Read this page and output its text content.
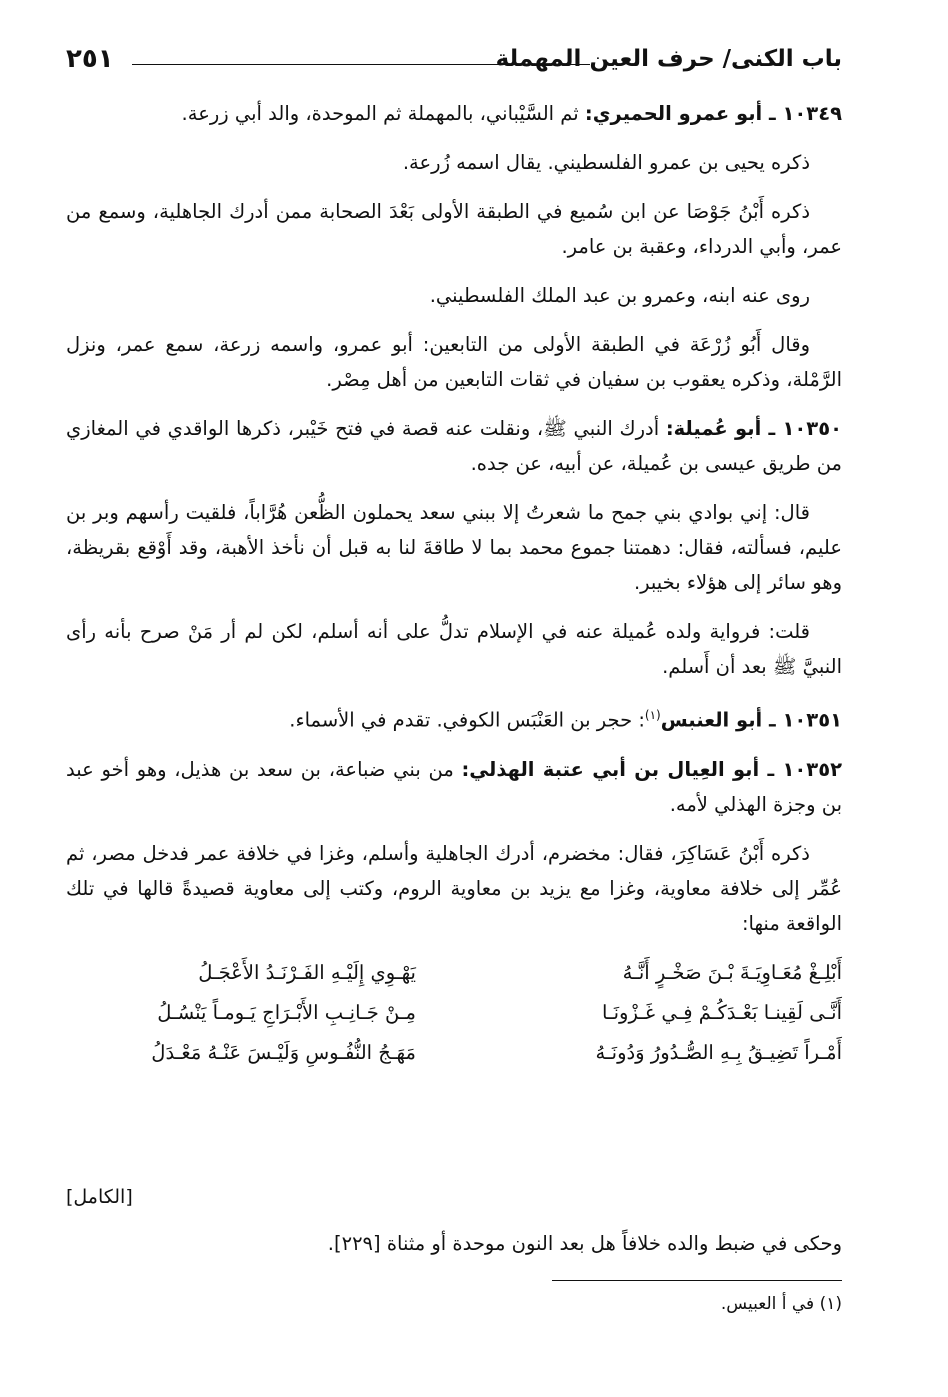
باب الكنى/ حرف العين المهملة
٢٥١

١٠٣٤٩ ـ أبو عمرو الحميري: ثم السَّيْباني، بالمهملة ثم الموحدة، والد أبي زرعة.

ذكره يحيى بن عمرو الفلسطيني. يقال اسمه زُرعة.

ذكره أَبْنُ جَوْصَا عن ابن سُميع في الطبقة الأولى بَعْدَ الصحابة ممن أدرك الجاهلية، وسمع من عمر، وأبي الدرداء، وعقبة بن عامر.

روى عنه ابنه، وعمرو بن عبد الملك الفلسطيني.

وقال أَبُو زُرْعَة في الطبقة الأولى من التابعين: أبو عمرو، واسمه زرعة، سمع عمر، ونزل الرَّمْلة، وذكره يعقوب بن سفيان في ثقات التابعين من أهل مِصْر.

١٠٣٥٠ ـ أبو عُميلة: أدرك النبي ﷺ، ونقلت عنه قصة في فتح خَيْبر، ذكرها الواقدي في المغازي من طريق عيسى بن عُميلة، عن أبيه، عن جده.

قال: إني بوادي بني جمح ما شعرتُ إلا ببني سعد يحملون الظُّعن هُرَّاباً، فلقيت رأسهم وبر بن عليم، فسألته، فقال: دهمتنا جموع محمد بما لا طاقةَ لنا به قبل أن نأخذ الأهبة، وقد أَوْقع بقريظة، وهو سائر إلى هؤلاء بخيبر.

قلت: فرواية ولده عُميلة عنه في الإسلام تدلُّ على أنه أسلم، لكن لم أر مَنْ صرح بأنه رأى النبيَّ ﷺ بعد أن أَسلم.

١٠٣٥١ ـ أبو العنبس$^{(١)}$: حجر بن العَنْبَس الكوفي. تقدم في الأسماء.

١٠٣٥٢ ـ أبو العِيال بن أبي عتبة الهذلي: من بني ضباعة، بن سعد بن هذيل، وهو أخو عبد بن وجزة الهذلي لأمه.

ذكره أَبْنُ عَسَاكِرَ، فقال: مخضرم، أدرك الجاهلية وأسلم، وغزا في خلافة عمر فدخل مصر، ثم عُمِّر إلى خلافة معاوية، وغزا مع يزيد بن معاوية الروم، وكتب إلى معاوية قصيدةً قالها في تلك الواقعة منها:

أَبْلِـغْ مُعَـاوِيَـةَ بْـنَ صَخْـرٍ أَنَّـهُ
يَهْـوِي إِلَيْـهِ الفَـرْنَـدُ الأَعْجَـلُ
أَنَّـى لَقِينـا بَعْـدَكُـمْ فِـي غَـزْونَـا
مِـنْ جَـانِـبِ الأَبْـرَاجِ يَـومـاً يَنْسُـلُ
أَمْـراً تَضِيـقُ بِـهِ الصُّـدُورُ وَدُونَـهُ
مَهَـجُ النُّفُـوسِ وَلَيْـسَ عَنْـهُ مَعْـدَلُ
[الكامل]
وحكى في ضبط والده خلافاً هل بعد النون موحدة أو مثناة [٢٢٩].
(١) في أ العبيس.
